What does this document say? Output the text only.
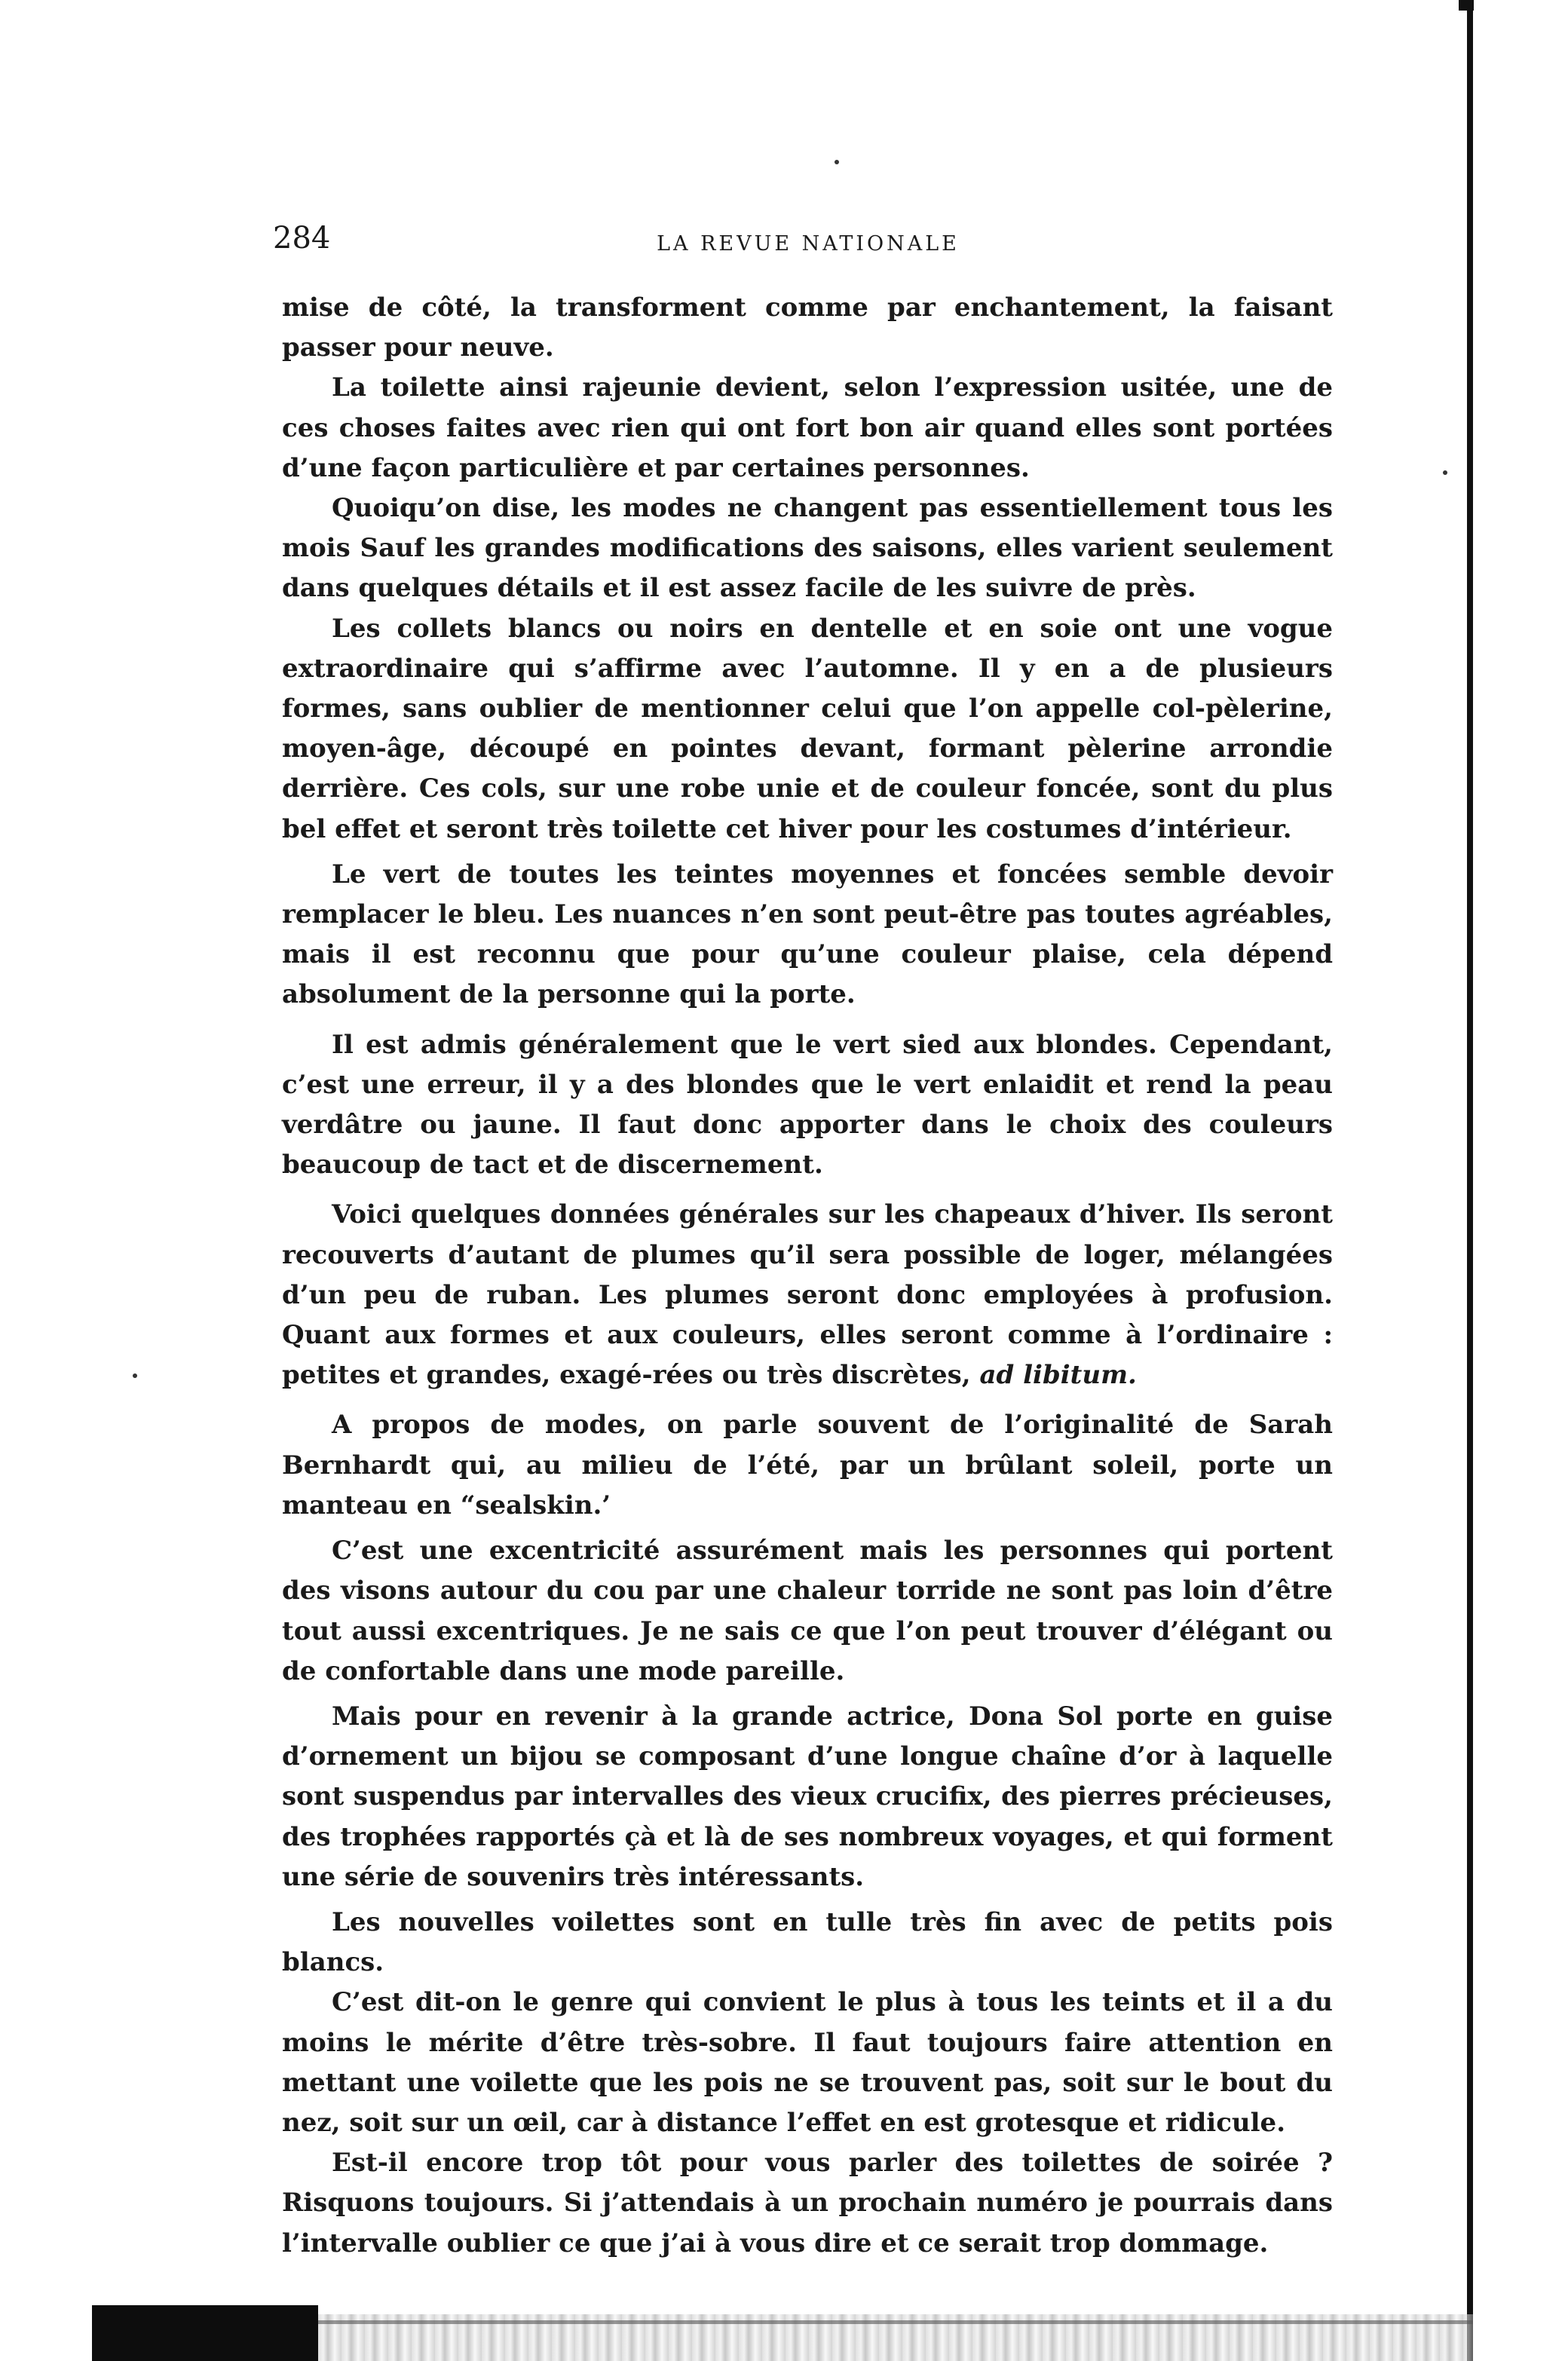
284	LA REVUE NATIONALE

mise de côté, la transforment comme par enchantement, la faisant passer pour neuve.

La toilette ainsi rajeunie devient, selon l’expression usitée, une de ces choses faites avec rien qui ont fort bon air quand elles sont portées d’une façon particulière et par certaines personnes.

Quoiqu’on dise, les modes ne changent pas essentiellement tous les mois Sauf les grandes modifications des saisons, elles varient seulement dans quelques détails et il est assez facile de les suivre de près.

Les collets blancs ou noirs en dentelle et en soie ont une vogue extraordinaire qui s’affirme avec l’automne. Il y en a de plusieurs formes, sans oublier de mentionner celui que l’on appelle col-pèlerine, moyen-âge, découpé en pointes devant, formant pèlerine arrondie derrière. Ces cols, sur une robe unie et de couleur foncée, sont du plus bel effet et seront très toilette cet hiver pour les costumes d’intérieur.

Le vert de toutes les teintes moyennes et foncées semble devoir remplacer le bleu. Les nuances n’en sont peut-être pas toutes agréables, mais il est reconnu que pour qu’une couleur plaise, cela dépend absolument de la personne qui la porte.

Il est admis généralement que le vert sied aux blondes. Cependant, c’est une erreur, il y a des blondes que le vert enlaidit et rend la peau verdâtre ou jaune. Il faut donc apporter dans le choix des couleurs beaucoup de tact et de discernement.

Voici quelques données générales sur les chapeaux d’hiver. Ils seront recouverts d’autant de plumes qu’il sera possible de loger, mélangées d’un peu de ruban. Les plumes seront donc employées à profusion. Quant aux formes et aux couleurs, elles seront comme à l’ordinaire : petites et grandes, exagé-rées ou très discrètes, ad libitum.

A propos de modes, on parle souvent de l’originalité de Sarah Bernhardt qui, au milieu de l’été, par un brûlant soleil, porte un manteau en “sealskin.’

C’est une excentricité assurément mais les personnes qui portent des visons autour du cou par une chaleur torride ne sont pas loin d’être tout aussi excentriques. Je ne sais ce que l’on peut trouver d’élégant ou de confortable dans une mode pareille.

Mais pour en revenir à la grande actrice, Dona Sol porte en guise d’ornement un bijou se composant d’une longue chaîne d’or à laquelle sont suspendus par intervalles des vieux crucifix, des pierres précieuses, des trophées rapportés çà et là de ses nombreux voyages, et qui forment une série de souvenirs très intéressants.

Les nouvelles voilettes sont en tulle très fin avec de petits pois blancs.

C’est dit-on le genre qui convient le plus à tous les teints et il a du moins le mérite d’être très-sobre. Il faut toujours faire attention en mettant une voilette que les pois ne se trouvent pas, soit sur le bout du nez, soit sur un œil, car à distance l’effet en est grotesque et ridicule.

Est-il encore trop tôt pour vous parler des toilettes de soirée ? Risquons toujours. Si j’attendais à un prochain numéro je pourrais dans l’intervalle oublier ce que j’ai à vous dire et ce serait trop dommage.
